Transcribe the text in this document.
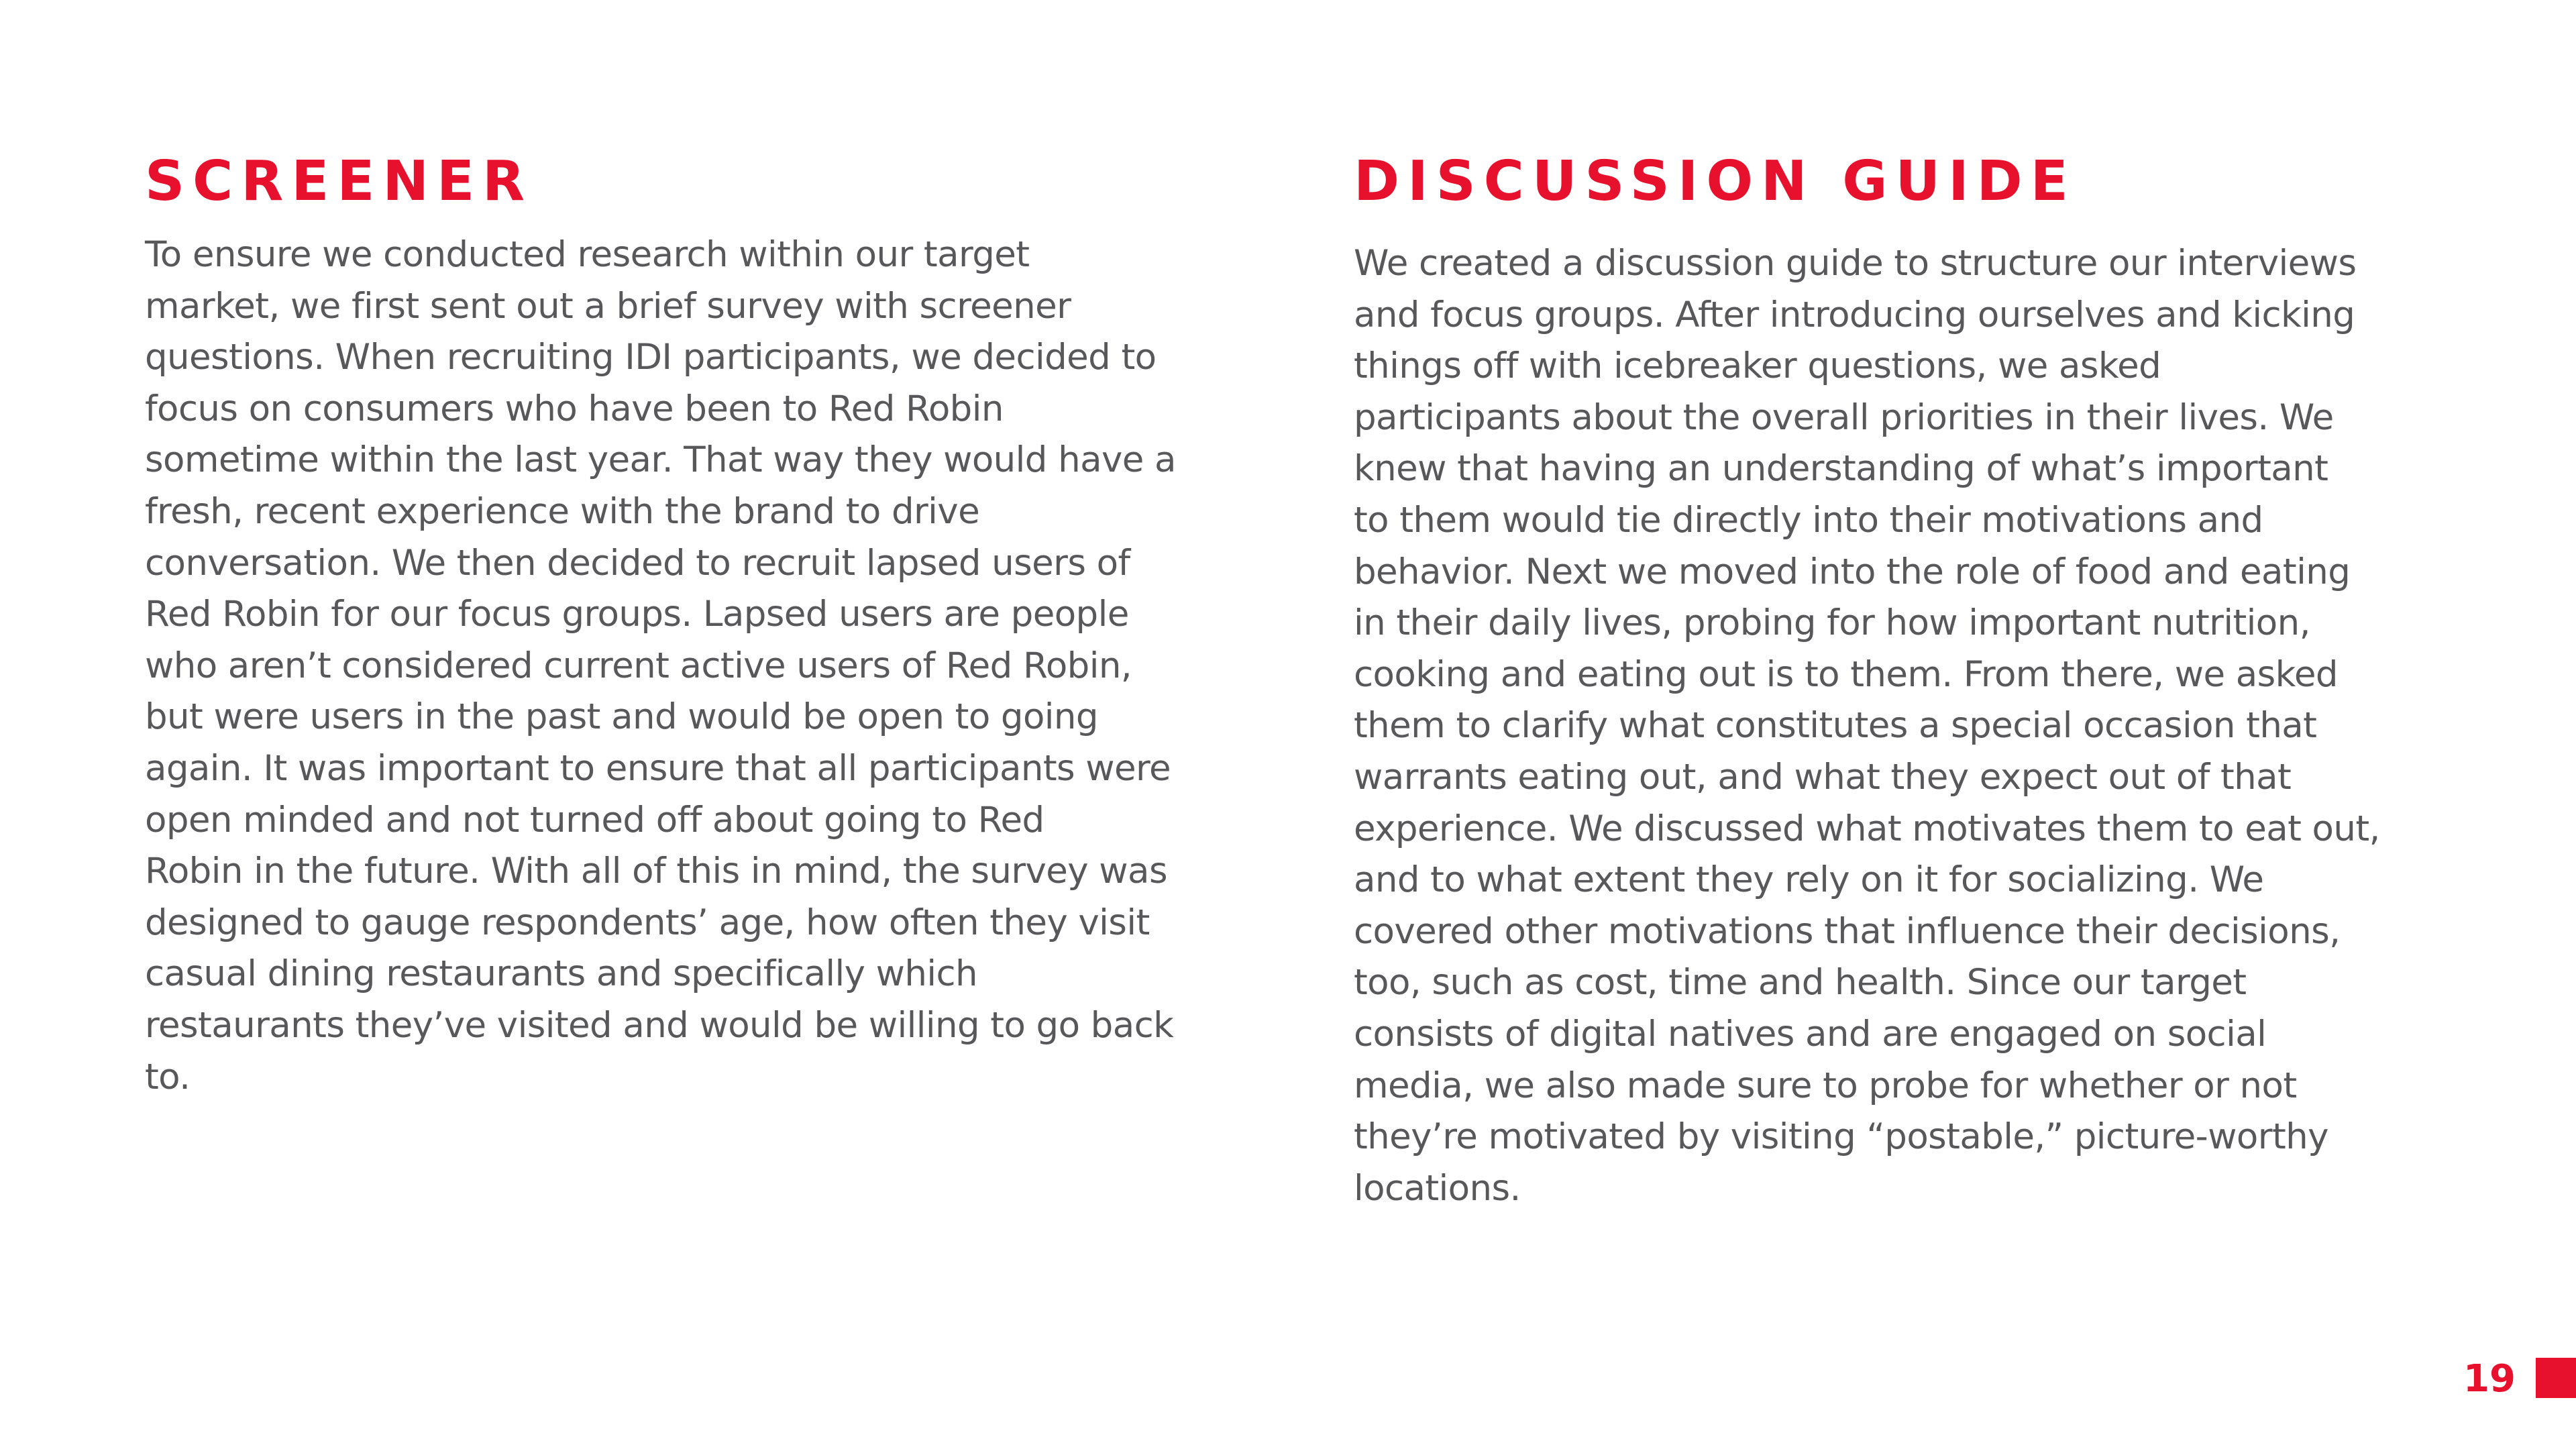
SCREENER
To ensure we conducted research within our target
market, we first sent out a brief survey with screener
questions. When recruiting IDI participants, we decided to
focus on consumers who have been to Red Robin
sometime within the last year. That way they would have a
fresh, recent experience with the brand to drive
conversation. We then decided to recruit lapsed users of
Red Robin for our focus groups. Lapsed users are people
who aren’t considered current active users of Red Robin,
but were users in the past and would be open to going
again. It was important to ensure that all participants were
open minded and not turned off about going to Red
Robin in the future. With all of this in mind, the survey was
designed to gauge respondents’ age, how often they visit
casual dining restaurants and specifically which
restaurants they’ve visited and would be willing to go back
to.
DISCUSSION GUIDE
We created a discussion guide to structure our interviews
and focus groups. After introducing ourselves and kicking
things off with icebreaker questions, we asked
participants about the overall priorities in their lives. We
knew that having an understanding of what’s important
to them would tie directly into their motivations and
behavior. Next we moved into the role of food and eating
in their daily lives, probing for how important nutrition,
cooking and eating out is to them. From there, we asked
them to clarify what constitutes a special occasion that
warrants eating out, and what they expect out of that
experience. We discussed what motivates them to eat out,
and to what extent they rely on it for socializing. We
covered other motivations that influence their decisions,
too, such as cost, time and health. Since our target
consists of digital natives and are engaged on social
media, we also made sure to probe for whether or not
they’re motivated by visiting “postable,” picture-worthy
locations.
19
